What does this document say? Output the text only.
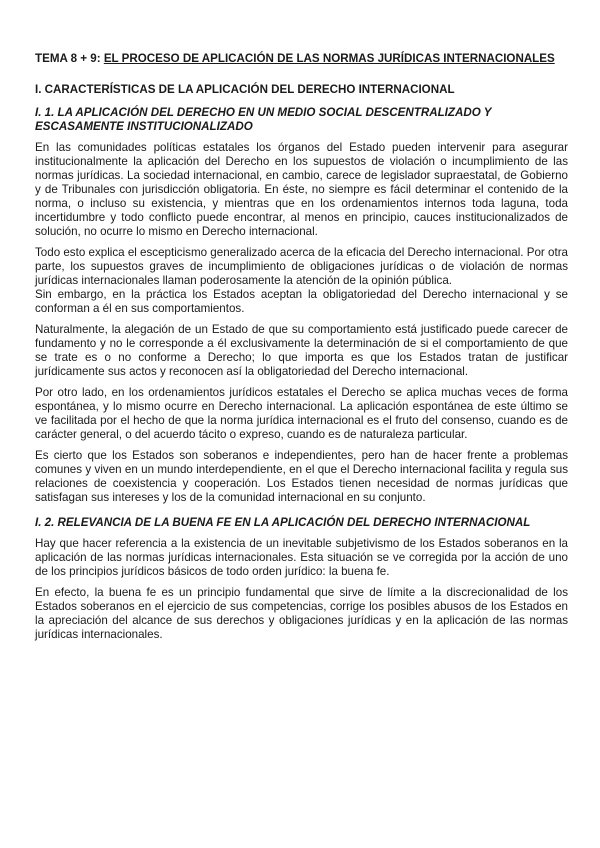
TEMA 8 + 9: EL PROCESO DE APLICACIÓN DE LAS NORMAS JURÍDICAS INTERNACIONALES
I. CARACTERÍSTICAS DE LA APLICACIÓN DEL DERECHO INTERNACIONAL
I. 1. LA APLICACIÓN DEL DERECHO EN UN MEDIO SOCIAL DESCENTRALIZADO Y ESCASAMENTE INSTITUCIONALIZADO

En las comunidades políticas estatales los órganos del Estado pueden intervenir para asegurar institucionalmente la aplicación del Derecho en los supuestos de violación o incumplimiento de las normas jurídicas. La sociedad internacional, en cambio, carece de legislador supraestatal, de Gobierno y de Tribunales con jurisdicción obligatoria. En éste, no siempre es fácil determinar el contenido de la norma, o incluso su existencia, y mientras que en los ordenamientos internos toda laguna, toda incertidumbre y todo conflicto puede encontrar, al menos en principio, cauces institucionalizados de solución, no ocurre lo mismo en Derecho internacional.

Todo esto explica el escepticismo generalizado acerca de la eficacia del Derecho internacional. Por otra parte, los supuestos graves de incumplimiento de obligaciones jurídicas o de violación de normas jurídicas internacionales llaman poderosamente la atención de la opinión pública.

Sin embargo, en la práctica los Estados aceptan la obligatoriedad del Derecho internacional y se conforman a él en sus comportamientos.

Naturalmente, la alegación de un Estado de que su comportamiento está justificado puede carecer de fundamento y no le corresponde a él exclusivamente la determinación de si el comportamiento de que se trate es o no conforme a Derecho; lo que importa es que los Estados tratan de justificar jurídicamente sus actos y reconocen así la obligatoriedad del Derecho internacional.

Por otro lado, en los ordenamientos jurídicos estatales el Derecho se aplica muchas veces de forma espontánea, y lo mismo ocurre en Derecho internacional. La aplicación espontánea de este último se ve facilitada por el hecho de que la norma jurídica internacional es el fruto del consenso, cuando es de carácter general, o del acuerdo tácito o expreso, cuando es de naturaleza particular.

Es cierto que los Estados son soberanos e independientes, pero han de hacer frente a problemas comunes y viven en un mundo interdependiente, en el que el Derecho internacional facilita y regula sus relaciones de coexistencia y cooperación. Los Estados tienen necesidad de normas jurídicas que satisfagan sus intereses y los de la comunidad internacional en su conjunto.

I. 2. RELEVANCIA DE LA BUENA FE EN LA APLICACIÓN DEL DERECHO INTERNACIONAL

Hay que hacer referencia a la existencia de un inevitable subjetivismo de los Estados soberanos en la aplicación de las normas jurídicas internacionales. Esta situación se ve corregida por la acción de uno de los principios jurídicos básicos de todo orden jurídico: la buena fe.

En efecto, la buena fe es un principio fundamental que sirve de límite a la discrecionalidad de los Estados soberanos en el ejercicio de sus competencias, corrige los posibles abusos de los Estados en la apreciación del alcance de sus derechos y obligaciones jurídicas y en la aplicación de las normas jurídicas internacionales.
